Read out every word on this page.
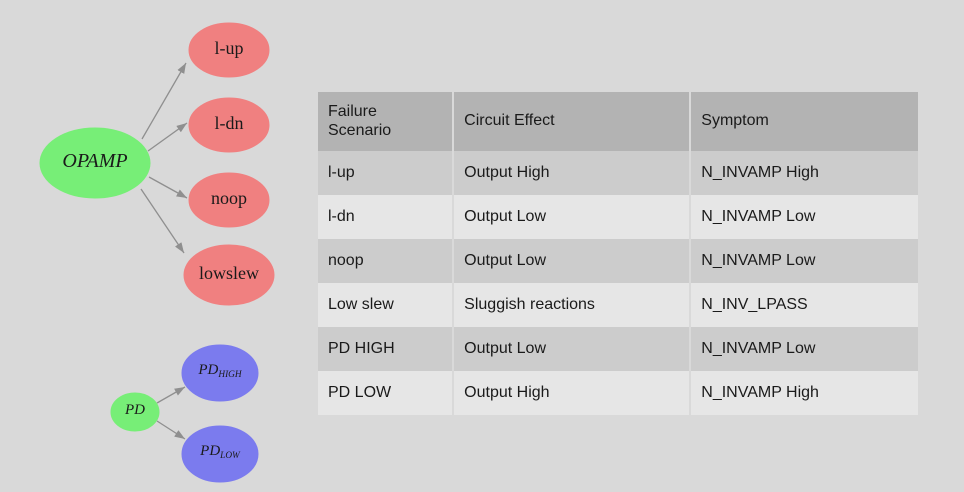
OPAMP
l-up
l-dn
noop
lowslew
PD
PDHIGH
PDLOW
Failure Scenario	Circuit Effect	Symptom
l-up	Output High	N_INVAMP High
l-dn	Output Low	N_INVAMP Low
noop	Output Low	N_INVAMP Low
Low slew	Sluggish reactions	N_INV_LPASS
PD HIGH	Output Low	N_INVAMP Low
PD LOW	Output High	N_INVAMP High
